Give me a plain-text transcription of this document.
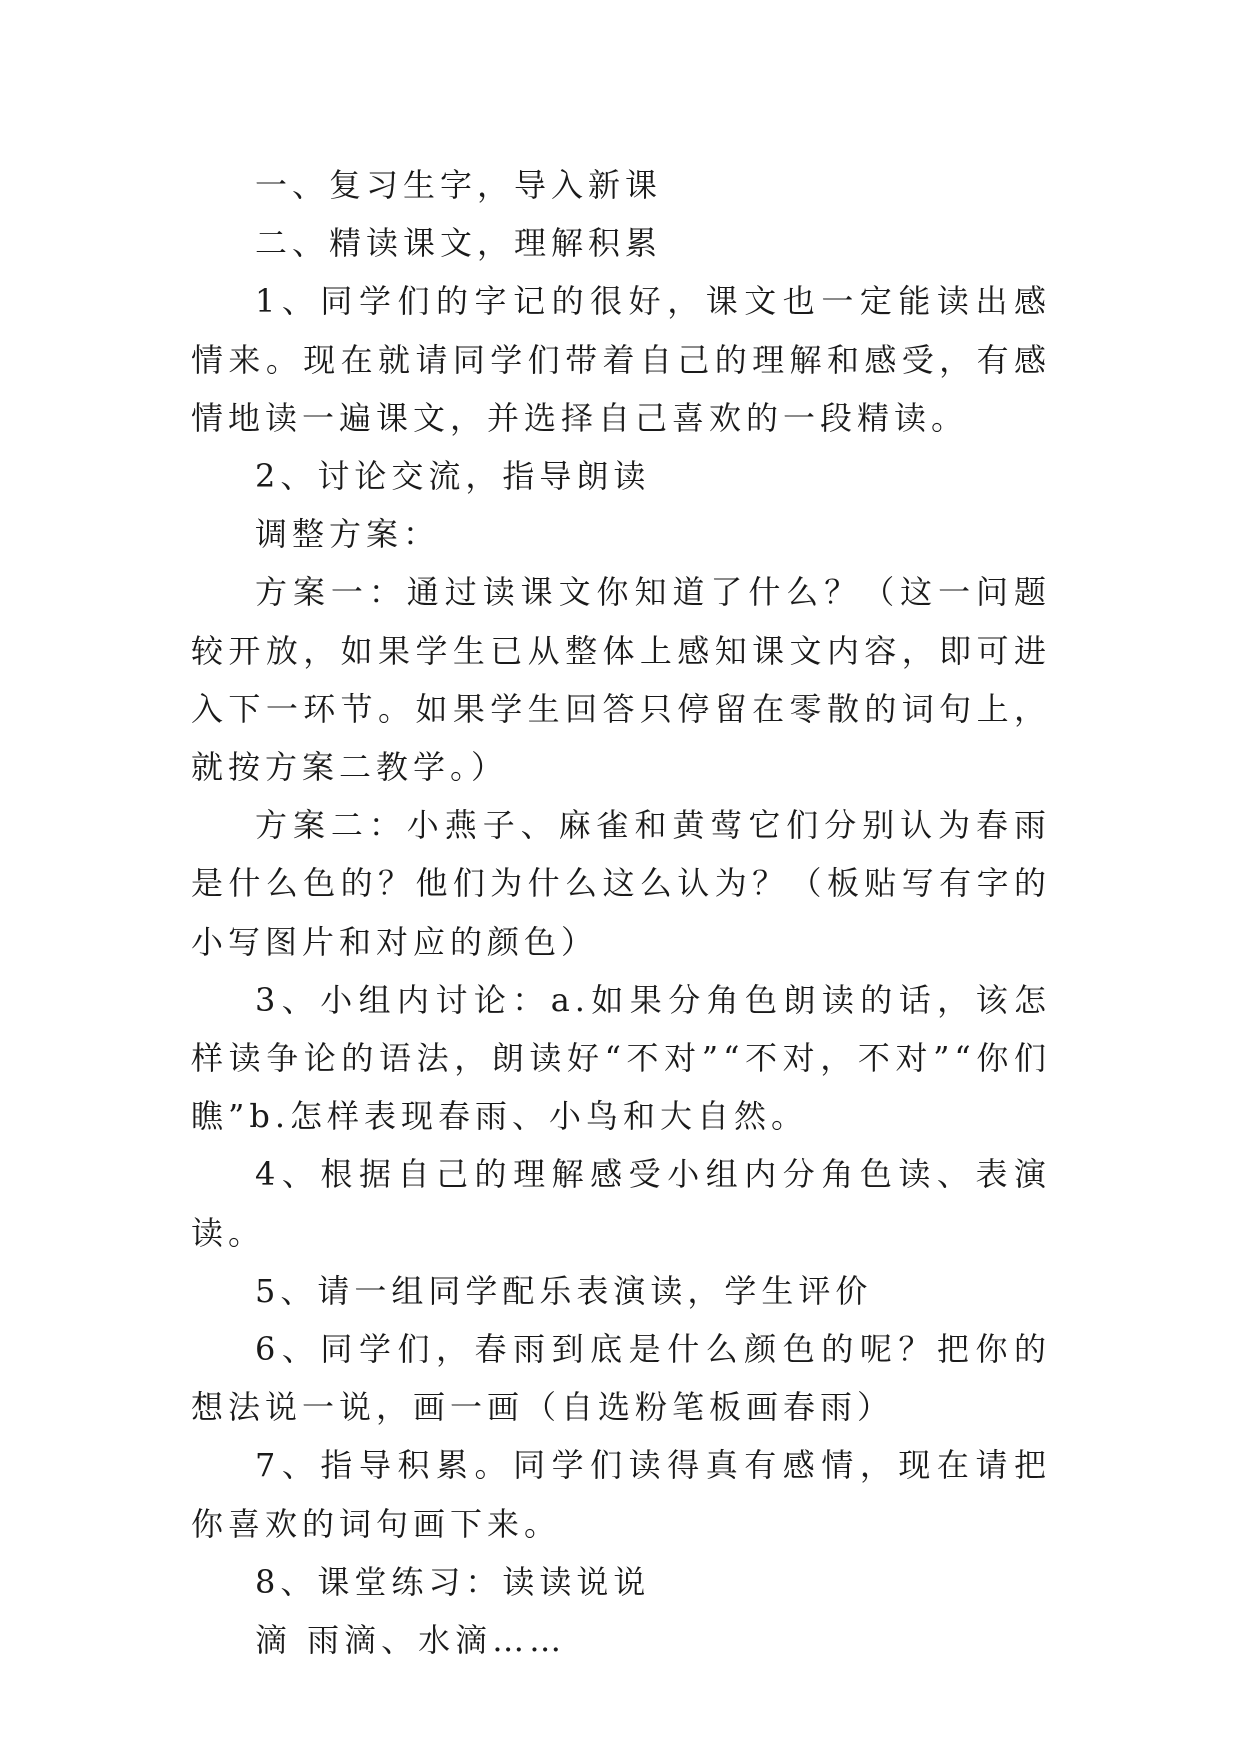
一、复习生字，导入新课

二、精读课文，理解积累

1、同学们的字记的很好，课文也一定能读出感情来。现在就请同学们带着自己的理解和感受，有感情地读一遍课文，并选择自己喜欢的一段精读。

2、讨论交流，指导朗读

调整方案：

方案一：通过读课文你知道了什么？（这一问题较开放，如果学生已从整体上感知课文内容，即可进入下一环节。如果学生回答只停留在零散的词句上，就按方案二教学。）

方案二：小燕子、麻雀和黄莺它们分别认为春雨是什么色的？他们为什么这么认为？（板贴写有字的小写图片和对应的颜色）

3、小组内讨论：a.如果分角色朗读的话，该怎样读争论的语法，朗读好“不对”“不对，不对”“你们瞧”b.怎样表现春雨、小鸟和大自然。

4、根据自己的理解感受小组内分角色读、表演读。

5、请一组同学配乐表演读，学生评价

6、同学们，春雨到底是什么颜色的呢？把你的想法说一说，画一画（自选粉笔板画春雨）

7、指导积累。同学们读得真有感情，现在请把你喜欢的词句画下来。

8、课堂练习：读读说说

滴 雨滴、水滴……
